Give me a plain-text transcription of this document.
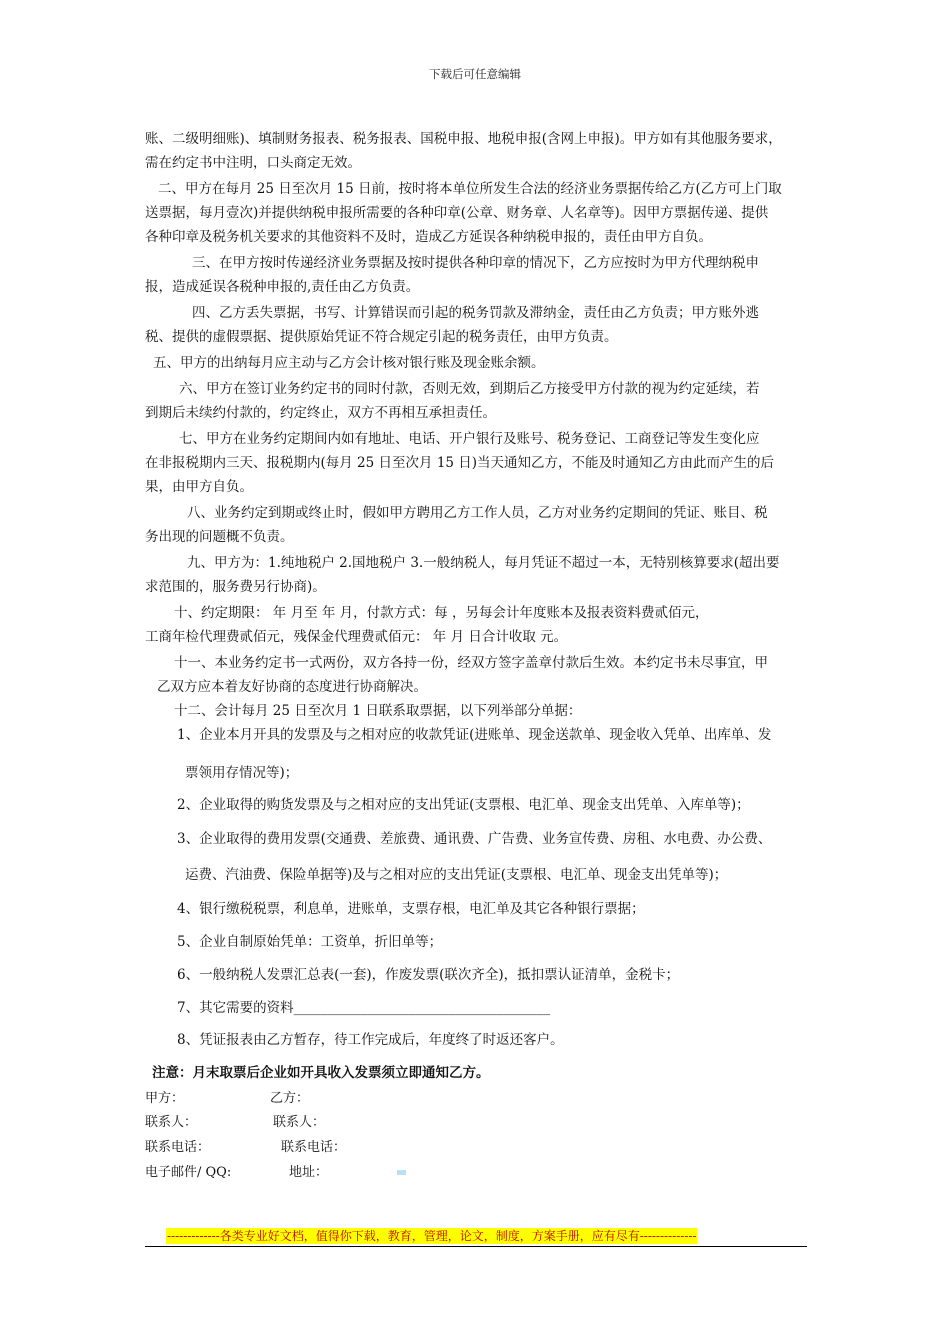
下载后可任意编辑
账、二级明细账)、填制财务报表、税务报表、国税申报、地税申报(含网上申报)。甲方如有其他服务要求，
需在约定书中注明，口头商定无效。
二、甲方在每月 25 日至次月 15 日前，按时将本单位所发生合法的经济业务票据传给乙方(乙方可上门取
送票据，每月壹次)并提供纳税申报所需要的各种印章(公章、财务章、人名章等)。因甲方票据传递、提供
各种印章及税务机关要求的其他资料不及时，造成乙方延误各种纳税申报的，责任由甲方自负。
三、在甲方按时传递经济业务票据及按时提供各种印章的情况下，乙方应按时为甲方代理纳税申
报，造成延误各税种申报的,责任由乙方负责。
四、乙方丢失票据，书写、计算错误而引起的税务罚款及滞纳金，责任由乙方负责；甲方账外逃
税、提供的虚假票据、提供原始凭证不符合规定引起的税务责任，由甲方负责。
五、甲方的出纳每月应主动与乙方会计核对银行账及现金账余额。
六、甲方在签订业务约定书的同时付款，否则无效，到期后乙方接受甲方付款的视为约定延续，若
到期后未续约付款的，约定终止，双方不再相互承担责任。
七、甲方在业务约定期间内如有地址、电话、开户银行及账号、税务登记、工商登记等发生变化应
在非报税期内三天、报税期内(每月 25 日至次月 15 日)当天通知乙方，不能及时通知乙方由此而产生的后
果，由甲方自负。
八、业务约定到期或终止时，假如甲方聘用乙方工作人员，乙方对业务约定期间的凭证、账目、税
务出现的问题概不负责。
九、甲方为：1.纯地税户 2.国地税户 3.一般纳税人，每月凭证不超过一本，无特别核算要求(超出要
求范围的，服务费另行协商)。
十、约定期限： 年 月至 年 月，付款方式：每 ，另每会计年度账本及报表资料费贰佰元，
工商年检代理费贰佰元，残保金代理费贰佰元： 年 月 日合计收取 元。
十一、本业务约定书一式两份，双方各持一份，经双方签字盖章付款后生效。本约定书未尽事宜，甲
乙双方应本着友好协商的态度进行协商解决。
十二、会计每月 25 日至次月 1 日联系取票据，以下列举部分单据：
1、企业本月开具的发票及与之相对应的收款凭证(进账单、现金送款单、现金收入凭单、出库单、发
票领用存情况等)；
2、企业取得的购货发票及与之相对应的支出凭证(支票根、电汇单、现金支出凭单、入库单等)；
3、企业取得的费用发票(交通费、差旅费、通讯费、广告费、业务宣传费、房租、水电费、办公费、
运费、汽油费、保险单据等)及与之相对应的支出凭证(支票根、电汇单、现金支出凭单等)；
4、银行缴税税票，利息单，进账单，支票存根，电汇单及其它各种银行票据；
5、企业自制原始凭单：工资单，折旧单等；
6、一般纳税人发票汇总表(一套)，作废发票(联次齐全)，抵扣票认证清单，金税卡；
7、其它需要的资料______________________________________
8、凭证报表由乙方暂存，待工作完成后，年度终了时返还客户。
注意：月末取票后企业如开具收入发票须立即通知乙方。
甲方：	乙方：
联系人：	联系人：
联系电话：	联系电话：
电子邮件/ QQ:	地址：
-------------各类专业好文档，值得你下载，教育，管理，论文，制度，方案手册，应有尽有--------------
